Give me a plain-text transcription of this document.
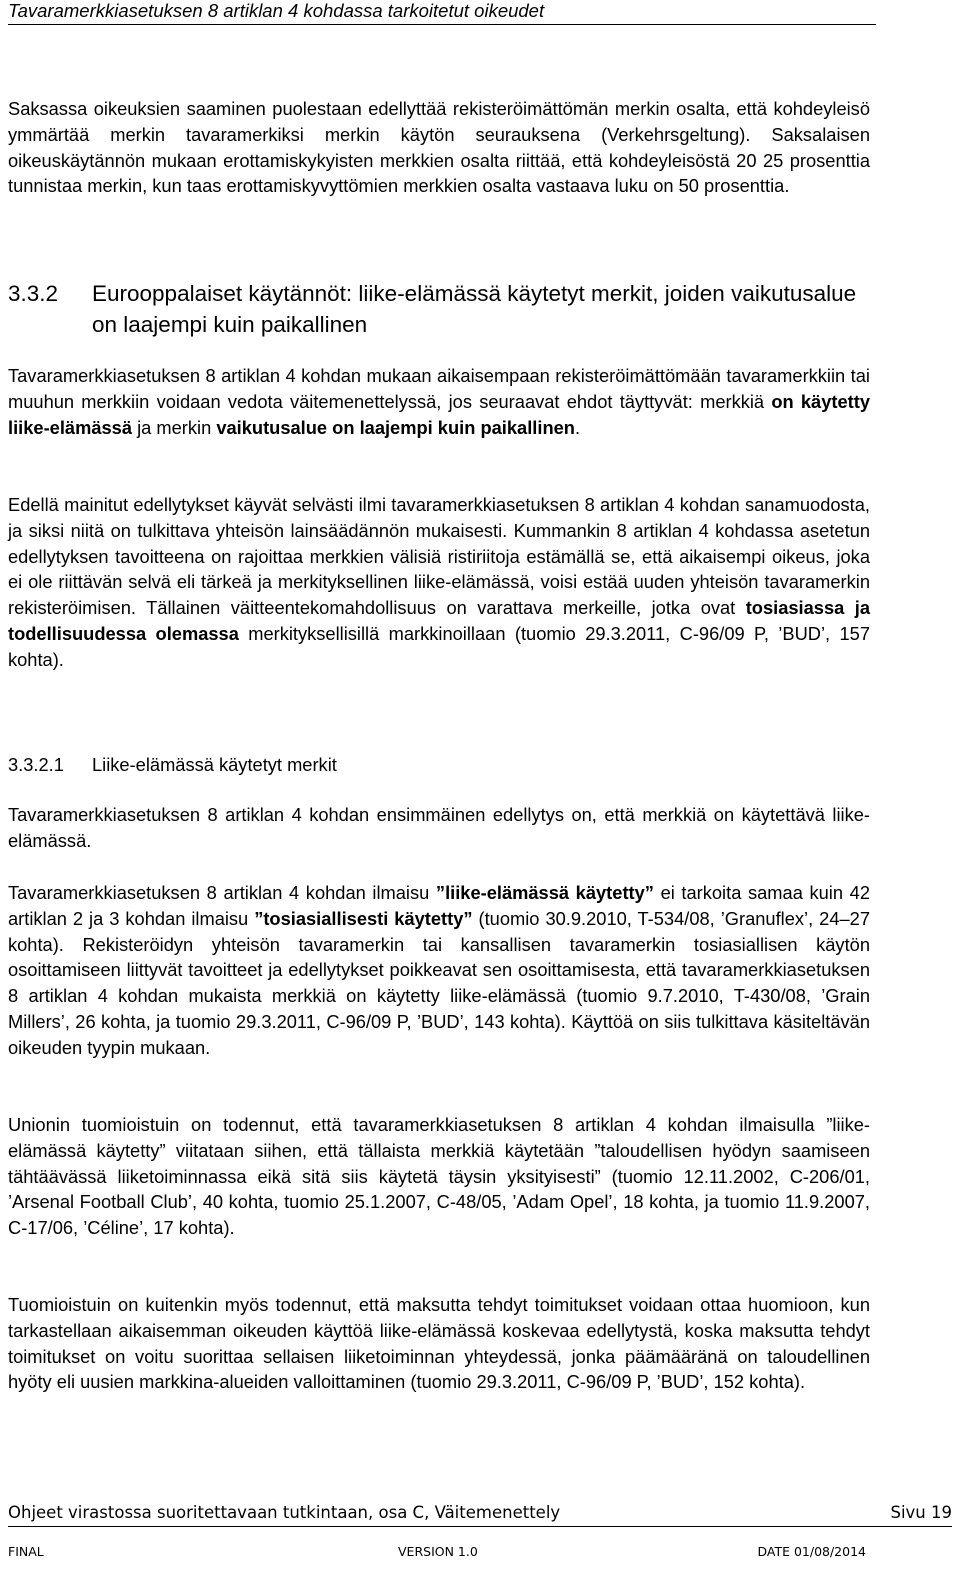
Tavaramerkkiasetuksen 8 artiklan 4 kohdassa tarkoitetut oikeudet
Saksassa oikeuksien saaminen puolestaan edellyttää rekisteröimättömän merkin osalta, että kohdeyleisö ymmärtää merkin tavaramerkiksi merkin käytön seurauksena (Verkehrsgeltung). Saksalaisen oikeuskäytännön mukaan erottamiskykyisten merkkien osalta riittää, että kohdeyleisöstä 20 25 prosenttia tunnistaa merkin, kun taas erottamiskyvyttömien merkkien osalta vastaava luku on 50 prosenttia.
3.3.2 Eurooppalaiset käytännöt: liike-elämässä käytetyt merkit, joiden vaikutusalue on laajempi kuin paikallinen
Tavaramerkkiasetuksen 8 artiklan 4 kohdan mukaan aikaisempaan rekisteröimättömään tavaramerkkiin tai muuhun merkkiin voidaan vedota väitemenettelyssä, jos seuraavat ehdot täyttyvät: merkkiä on käytetty liike-elämässä ja merkin vaikutusalue on laajempi kuin paikallinen.
Edellä mainitut edellytykset käyvät selvästi ilmi tavaramerkkiasetuksen 8 artiklan 4 kohdan sanamuodosta, ja siksi niitä on tulkittava yhteisön lainsäädännön mukaisesti. Kummankin 8 artiklan 4 kohdassa asetetun edellytyksen tavoitteena on rajoittaa merkkien välisiä ristiriitoja estämällä se, että aikaisempi oikeus, joka ei ole riittävän selvä eli tärkeä ja merkityksellinen liike-elämässä, voisi estää uuden yhteisön tavaramerkin rekisteröimisen. Tällainen väitteentekomahdollisuus on varattava merkeille, jotka ovat tosiasiassa ja todellisuudessa olemassa merkityksellisillä markkinoillaan (tuomio 29.3.2011, C-96/09 P, ’BUD’, 157 kohta).
3.3.2.1 Liike-elämässä käytetyt merkit
Tavaramerkkiasetuksen 8 artiklan 4 kohdan ensimmäinen edellytys on, että merkkiä on käytettävä liike-elämässä.
Tavaramerkkiasetuksen 8 artiklan 4 kohdan ilmaisu ”liike-elämässä käytetty” ei tarkoita samaa kuin 42 artiklan 2 ja 3 kohdan ilmaisu ”tosiasiallisesti käytetty” (tuomio 30.9.2010, T-534/08, ’Granuflex’, 24–27 kohta). Rekisteröidyn yhteisön tavaramerkin tai kansallisen tavaramerkin tosiasiallisen käytön osoittamiseen liittyvät tavoitteet ja edellytykset poikkeavat sen osoittamisesta, että tavaramerkkiasetuksen 8 artiklan 4 kohdan mukaista merkkiä on käytetty liike-elämässä (tuomio 9.7.2010, T-430/08, ’Grain Millers’, 26 kohta, ja tuomio 29.3.2011, C-96/09 P, ’BUD’, 143 kohta). Käyttöä on siis tulkittava käsiteltävän oikeuden tyypin mukaan.
Unionin tuomioistuin on todennut, että tavaramerkkiasetuksen 8 artiklan 4 kohdan ilmaisulla ”liike-elämässä käytetty” viitataan siihen, että tällaista merkkiä käytetään ”taloudellisen hyödyn saamiseen tähtäävässä liiketoiminnassa eikä sitä siis käytetä täysin yksityisesti” (tuomio 12.11.2002, C-206/01, ’Arsenal Football Club’, 40 kohta, tuomio 25.1.2007, C-48/05, ’Adam Opel’, 18 kohta, ja tuomio 11.9.2007, C-17/06, ’Céline’, 17 kohta).
Tuomioistuin on kuitenkin myös todennut, että maksutta tehdyt toimitukset voidaan ottaa huomioon, kun tarkastellaan aikaisemman oikeuden käyttöä liike-elämässä koskevaa edellytystä, koska maksutta tehdyt toimitukset on voitu suorittaa sellaisen liiketoiminnan yhteydessä, jonka päämääränä on taloudellinen hyöty eli uusien markkina-alueiden valloittaminen (tuomio 29.3.2011, C-96/09 P, ’BUD’, 152 kohta).
Ohjeet virastossa suoritettavaan tutkintaan, osa C, Väitemenettely	Sivu 19
FINAL	VERSION 1.0	DATE 01/08/2014
